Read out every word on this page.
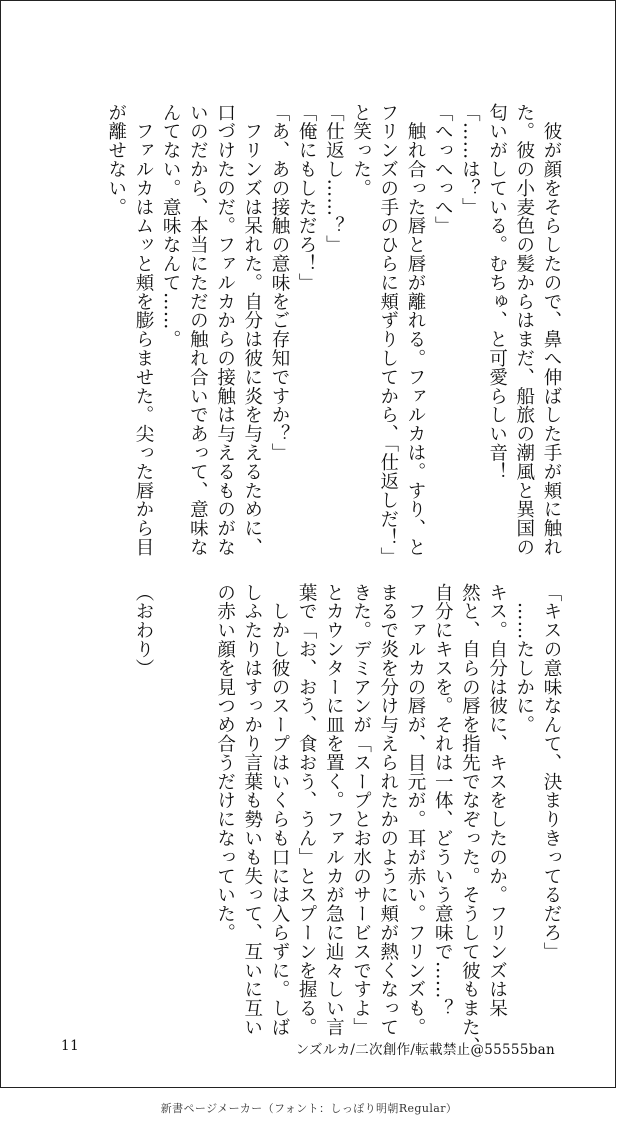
　彼が顔をそらしたので、鼻へ伸ばした手が頬に触れ
た。彼の小麦色の髪からはまだ、船旅の潮風と異国の
匂いがしている。むちゅ、と可愛らしい音！
「……は？」
「へっへっへ」
　触れ合った唇と唇が離れる。ファルカは。すり、と
フリンズの手のひらに頬ずりしてから、「仕返しだ！」
と笑った。
「仕返し……？」
「俺にもしただろ！」
「あ、あの接触の意味をご存知ですか？」
　フリンズは呆れた。自分は彼に炎を与えるために、
口づけたのだ。ファルカからの接触は与えるものがな
いのだから、本当にただの触れ合いであって、意味な
んてない。意味なんて……。
　ファルカはムッと頬を膨らませた。尖った唇から目
が離せない。
「キスの意味なんて、決まりきってるだろ」
　……たしかに。
キス。自分は彼に、キスをしたのか。フリンズは呆
然と、自らの唇を指先でなぞった。そうして彼もまた、
自分にキスを。それは一体、どういう意味で……？
　ファルカの唇が、目元が。耳が赤い。フリンズも。
まるで炎を分け与えられたかのように頬が熱くなって
きた。デミアンが「スープとお水のサービスですよ」
とカウンターに皿を置く。ファルカが急に辿々しい言
葉で「お、おう、食おう、うん」とスプーンを握る。
　しかし彼のスープはいくらも口には入らずに。しば
しふたりはすっかり言葉も勢いも失って、互いに互い
の赤い顔を見つめ合うだけになっていた。

（おわり）
11	ンズルカ/二次創作/転載禁止@55555ban
新書ページメーカー（フォント：しっぽり明朝Regular）
